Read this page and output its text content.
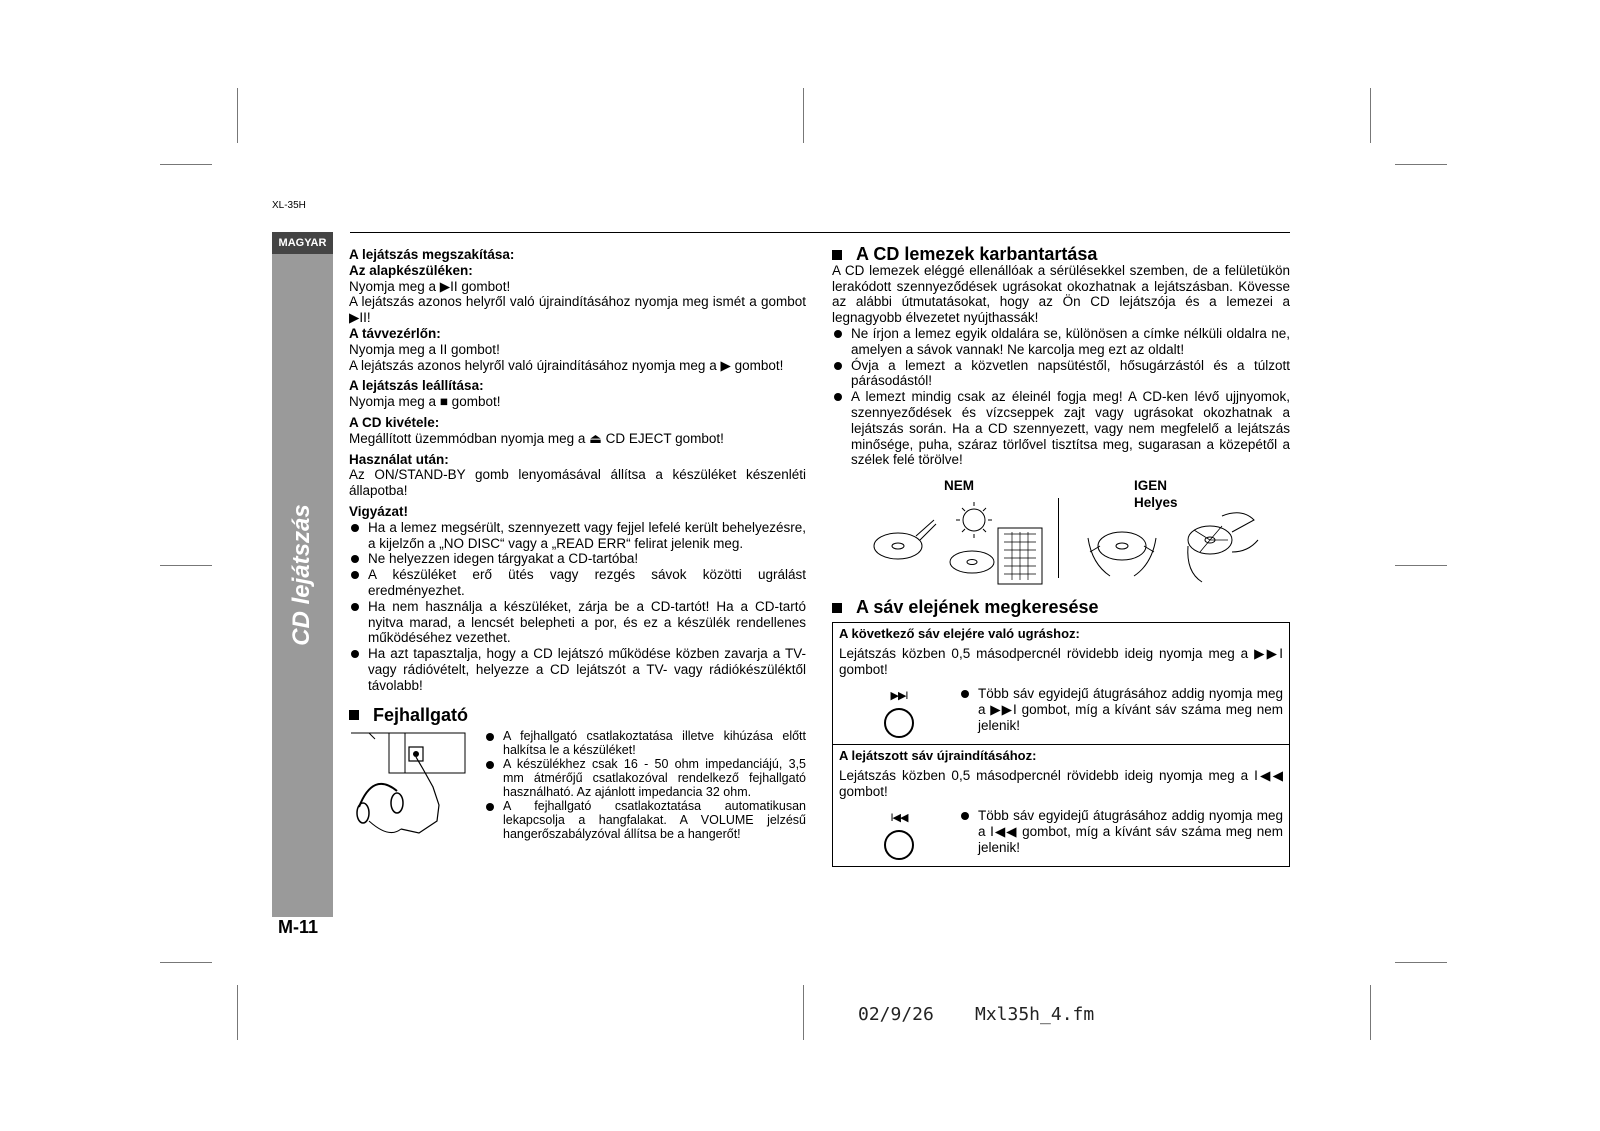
XL-35H
MAGYAR
CD lejátszás
M-11

A lejátszás megszakítása:

Az alapkészüléken:

Nyomja meg a ▶II gombot!

A lejátszás azonos helyről való újraindításához nyomja meg ismét a gombot ▶II!

A távvezérlőn:

Nyomja meg a II gombot!

A lejátszás azonos helyről való újraindításához nyomja meg a ▶ gombot!

A lejátszás leállítása:

Nyomja meg a ■ gombot!

A CD kivétele:

Megállított üzemmódban nyomja meg a ⏏ CD EJECT gombot!

Használat után:

Az ON/STAND-BY gomb lenyomásával állítsa a készüléket készenléti állapotba!

Vigyázat!

Ha a lemez megsérült, szennyezett vagy fejjel lefelé került behelyezésre, a kijelzőn a „NO DISC“ vagy a „READ ERR“ felirat jelenik meg.

Ne helyezzen idegen tárgyakat a CD-tartóba!

A készüléket erő ütés vagy rezgés sávok közötti ugrálást eredményezhet.

Ha nem használja a készüléket, zárja be a CD-tartót! Ha a CD-tartó nyitva marad, a lencsét belepheti a por, és ez a készülék rendellenes működéséhez vezethet.

Ha azt tapasztalja, hogy a CD lejátszó működése közben zavarja a TV- vagy rádióvételt, helyezze a CD lejátszót a TV- vagy rádiókészüléktől távolabb!

Fejhallgató

A fejhallgató csatlakoztatása illetve kihúzása előtt halkítsa le a készüléket!

A készülékhez csak 16 - 50 ohm impedanciájú, 3,5 mm átmérőjű csatlakozóval rendelkező fejhallgató használható. Az ajánlott impedancia 32 ohm.

A fejhallgató csatlakoztatása automatikusan lekapcsolja a hangfalakat. A VOLUME jelzésű hangerőszabályzóval állítsa be a hangerőt!

A CD lemezek karbantartása

A CD lemezek eléggé ellenállóak a sérülésekkel szemben, de a felületükön lerakódott szennyeződések ugrásokat okozhatnak a lejátszásban. Kövesse az alábbi útmutatásokat, hogy az Ön CD lejátszója és a lemezei a legnagyobb élvezetet nyújthassák!

Ne írjon a lemez egyik oldalára se, különösen a címke nélküli oldalra ne, amelyen a sávok vannak! Ne karcolja meg ezt az oldalt!

Óvja a lemezt a közvetlen napsütéstől, hősugárzástól és a túlzott párásodástól!

A lemezt mindig csak az éleinél fogja meg! A CD-ken lévő ujjnyomok, szennyeződések és vízcseppek zajt vagy ugrásokat okozhatnak a lejátszás során. Ha a CD szennyezett, vagy nem megfelelő a lejátszás minősége, puha, száraz törlővel tisztítsa meg, sugarasan a közepétől a szélek felé törölve!

NEM	IGEN
Helyes
A sáv elejének megkeresése

A következő sáv elejére való ugráshoz:

Lejátszás közben 0,5 másodpercnél rövidebb ideig nyomja meg a ▶▶I gombot!

▶▶I	Több sáv egyidejű átugrásához addig nyomja meg a ▶▶I gombot, míg a kívánt sáv száma meg nem jelenik!

A lejátszott sáv újraindításához:

Lejátszás közben 0,5 másodpercnél rövidebb ideig nyomja meg a I◀◀ gombot!

I◀◀	Több sáv egyidejű átugrásához addig nyomja meg a I◀◀ gombot, míg a kívánt sáv száma meg nem jelenik!

02/9/26 Mxl35h_4.fm
